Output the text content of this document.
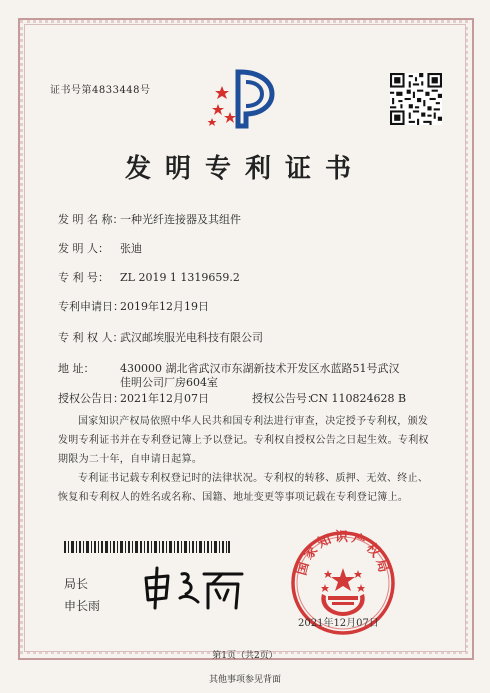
证书号第4833448号
发明专利证书
发 明 名 称：
一种光纤连接器及其组件
发 明 人： 张迪
专 利 号： ZL 2019 1 1319659.2
专利申请日：
2019年12月19日
专 利 权 人：
武汉邮埃服光电科技有限公司
地 址： 430000 湖北省武汉市东湖新技术开发区水蓝路51号武汉
佳明公司厂房604室
授权公告日：
2021年12月07日	授权公告号：
CN 110824628 B

国家知识产权局依照中华人民共和国专利法进行审查，决定授予专利权，颁发发明专利证书并在专利登记簿上予以登记。专利权自授权公告之日起生效。专利权期限为二十年，自申请日起算。

专利证书记载专利权登记时的法律状况。专利权的转移、质押、无效、终止、恢复和专利权人的姓名或名称、国籍、地址变更等事项记载在专利登记簿上。

局长
申长雨
国家知识产权局
2021年12月07日
第1页（共2页）
其他事项参见背面
